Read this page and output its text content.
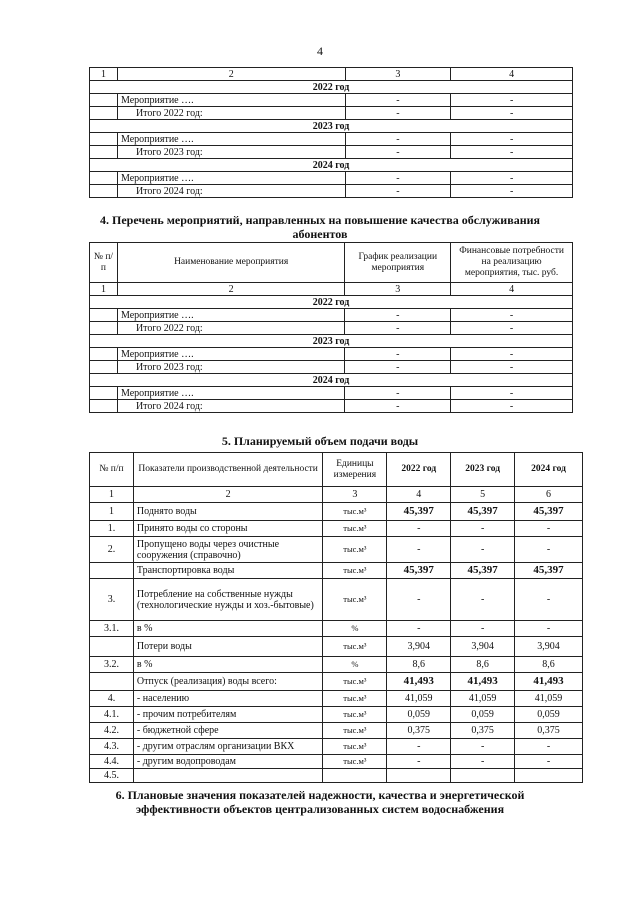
4
1	2	3	4
2022 год			
	Мероприятие ….	-	-
	Итого 2022 год:	-	-
2023 год			
	Мероприятие ….	-	-
	Итого 2023 год:	-	-
2024 год			
	Мероприятие ….	-	-
	Итого 2024 год:	-	-
4. Перечень мероприятий, направленных на повышение качества обслуживания
абонентов
№ п/п	Наименование мероприятия	График реализации мероприятия	Финансовые потребности на реализацию мероприятия, тыс. руб.
1	2	3	4
2022 год			
	Мероприятие ….	-	-
	Итого 2022 год:	-	-
2023 год			
	Мероприятие ….	-	-
	Итого 2023 год:	-	-
2024 год			
	Мероприятие ….	-	-
	Итого 2024 год:	-	-
5. Планируемый объем подачи воды
№ п/п	Показатели производственной деятельности	Единицы измерения	2022 год	2023 год	2024 год
1	2	3	4	5	6
1	Поднято воды	тыс.м³	45,397	45,397	45,397
1.	Принято воды со стороны	тыс.м³	-	-	-
2.	Пропущено воды через очистные сооружения (справочно)	тыс.м³	-	-	-
	Транспортировка воды	тыс.м³	45,397	45,397	45,397
3.	Потребление на собственные нужды (технологические нужды и хоз.-бытовые)	тыс.м³	-	-	-
3.1.	в %	%	-	-	-
	Потери воды	тыс.м³	3,904	3,904	3,904
3.2.	в %	%	8,6	8,6	8,6
	Отпуск (реализация) воды всего:	тыс.м³	41,493	41,493	41,493
4.	- населению	тыс.м³	41,059	41,059	41,059
4.1.	- прочим потребителям	тыс.м³	0,059	0,059	0,059
4.2.	- бюджетной сфере	тыс.м³	0,375	0,375	0,375
4.3.	- другим отраслям организации ВКХ	тыс.м³	-	-	-
4.4.	- другим водопроводам	тыс.м³	-	-	-
4.5.					
6. Плановые значения показателей надежности, качества и энергетической
эффективности объектов централизованных систем водоснабжения
